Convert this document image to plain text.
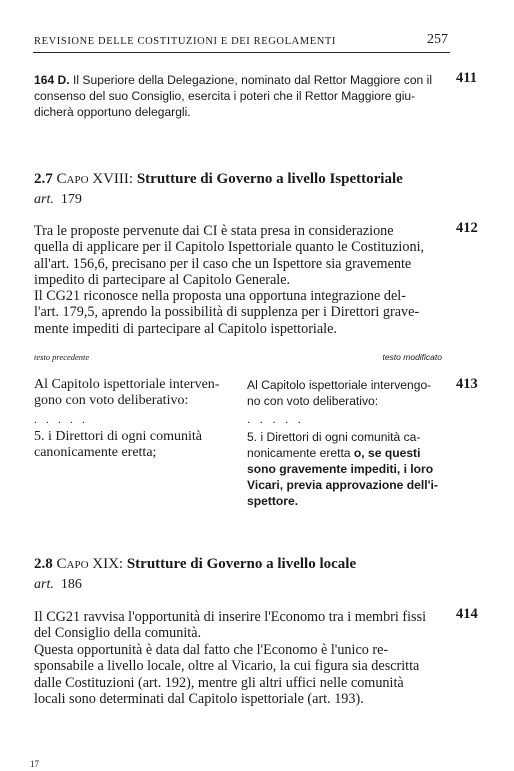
REVISIONE DELLE COSTITUZIONI E DEI REGOLAMENTI	257
164 D. Il Superiore della Delegazione, nominato dal Rettor Maggiore con il
consenso del suo Consiglio, esercita i poteri che il Rettor Maggiore giu-
dicherà opportuno delegargli.
411
2.7 Capo XVIII: Strutture di Governo a livello Ispettoriale
art. 179

Tra le proposte pervenute dai CI è stata presa in considerazione

quella di applicare per il Capitolo Ispettoriale quanto le Costituzioni,

all'art. 156,6, precisano per il caso che un Ispettore sia gravemente

impedito di partecipare al Capitolo Generale.

412

Il CG21 riconosce nella proposta una opportuna integrazione del-

l'art. 179,5, aprendo la possibilità di supplenza per i Direttori grave-

mente impediti di partecipare al Capitolo ispettoriale.

testo precedente	testo modificato

Al Capitolo ispettoriale interven-

gono con voto deliberativo:

. . . . .

5. i Direttori di ogni comunità

canonicamente eretta;

Al Capitolo ispettoriale intervengo-

no con voto deliberativo:

. . . . .

5. i Direttori di ogni comunità ca-

nonicamente eretta o, se questi

sono gravemente impediti, i loro

Vicari, previa approvazione dell'i-

spettore.

413
2.8 Capo XIX: Strutture di Governo a livello locale
art. 186

Il CG21 ravvisa l'opportunità di inserire l'Economo tra i membri fissi

del Consiglio della comunità.

414

Questa opportunità è data dal fatto che l'Economo è l'unico re-

sponsabile a livello locale, oltre al Vicario, la cui figura sia descritta

dalle Costituzioni (art. 192), mentre gli altri uffici nelle comunità

locali sono determinati dal Capitolo ispettoriale (art. 193).

17
